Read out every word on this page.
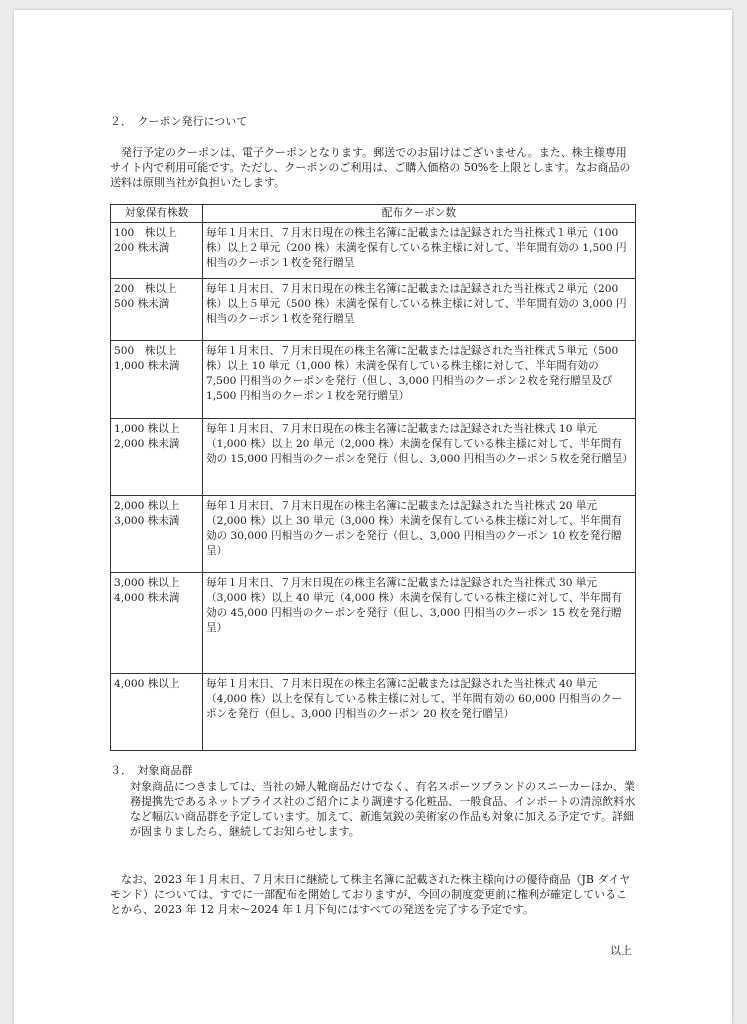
２．　クーポン発行について
発行予定のクーポンは、電子クーポンとなります。郵送でのお届けはございません。また、株主様専用サイト内で利用可能です。ただし、クーポンのご利用は、ご購入価格の 50%を上限とします。なお商品の送料は原則当社が負担いたします。
対象保有株数	配布クーポン数
100　株以上 200 株未満	毎年１月末日、７月末日現在の株主名簿に記載または記録された当社株式１単元（100 株）以上２単元（200 株）未満を保有している株主様に対して、半年間有効の 1,500 円相当のクーポン１枚を発行贈呈
200　株以上 500 株未満	毎年１月末日、７月末日現在の株主名簿に記載または記録された当社株式２単元（200 株）以上５単元（500 株）未満を保有している株主様に対して、半年間有効の 3,000 円相当のクーポン１枚を発行贈呈
500　株以上 1,000 株未満	毎年１月末日、７月末日現在の株主名簿に記載または記録された当社株式５単元（500 株）以上 10 単元（1,000 株）未満を保有している株主様に対して、半年間有効の 7,500 円相当のクーポンを発行（但し、3,000 円相当のクーポン２枚を発行贈呈及び 1,500 円相当のクーポン１枚を発行贈呈）
1,000 株以上 2,000 株未満	毎年１月末日、７月末日現在の株主名簿に記載または記録された当社株式 10 単元（1,000 株）以上 20 単元（2,000 株）未満を保有している株主様に対して、半年間有効の 15,000 円相当のクーポンを発行（但し、3,000 円相当のクーポン５枚を発行贈呈）
2,000 株以上 3,000 株未満	毎年１月末日、７月末日現在の株主名簿に記載または記録された当社株式 20 単元（2,000 株）以上 30 単元（3,000 株）未満を保有している株主様に対して、半年間有効の 30,000 円相当のクーポンを発行（但し、3,000 円相当のクーポン 10 枚を発行贈呈）
3,000 株以上 4,000 株未満	毎年１月末日、７月末日現在の株主名簿に記載または記録された当社株式 30 単元（3,000 株）以上 40 単元（4,000 株）未満を保有している株主様に対して、半年間有効の 45,000 円相当のクーポンを発行（但し、3,000 円相当のクーポン 15 枚を発行贈呈）
4,000 株以上	毎年１月末日、７月末日現在の株主名簿に記載または記録された当社株式 40 単元（4,000 株）以上を保有している株主様に対して、半年間有効の 60,000 円相当のクーポンを発行（但し、3,000 円相当のクーポン 20 枚を発行贈呈）
３．　対象商品群
対象商品につきましては、当社の婦人靴商品だけでなく、有名スポーツブランドのスニーカーほか、業務提携先であるネットプライス社のご紹介により調達する化粧品、一般食品、インポートの清涼飲料水など幅広い商品群を予定しています。加えて、新進気鋭の美術家の作品も対象に加える予定です。詳細が固まりましたら、継続してお知らせします。
なお、2023 年１月末日、７月末日に継続して株主名簿に記載された株主様向けの優待商品（JB ダイヤモンド）については、すでに一部配布を開始しておりますが、今回の制度変更前に権利が確定していることから、2023 年 12 月末～2024 年１月下旬にはすべての発送を完了する予定です。
以上
